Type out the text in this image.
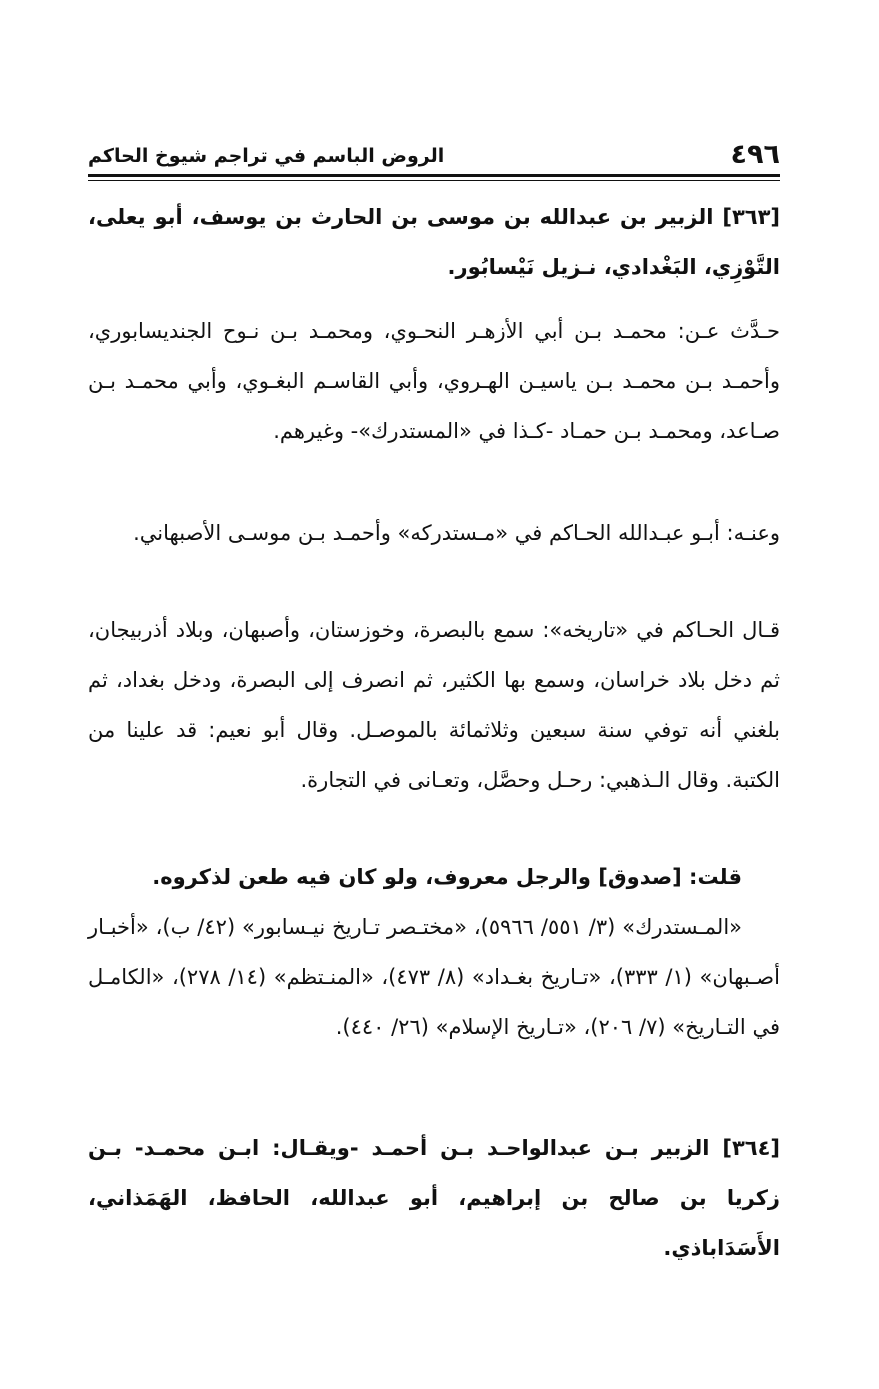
٤٩٦
الروض الباسم في تراجم شيوخ الحاكم
[٣٦٣] الزبير بن عبدالله بن موسى بن الحارث بن يوسف، أبو يعلى، التَّوْزِي، البَغْدادي، نـزيل نَيْسابُور.
حـدَّث عـن: محمـد بـن أبي الأزهـر النحـوي، ومحمـد بـن نـوح الجنديسابوري، وأحمـد بـن محمـد بـن ياسيـن الهـروي، وأبي القاسـم البغـوي، وأبي محمـد بـن صـاعد، ومحمـد بـن حمـاد -كـذا في «المستدرك»- وغيرهم.
وعنـه: أبـو عبـدالله الحـاكم في «مـستدركه» وأحمـد بـن موسـى الأصبهاني.
قـال الحـاكم في «تاريخه»: سمع بالبصرة، وخوزستان، وأصبهان، وبلاد أذربيجان، ثم دخل بلاد خراسان، وسمع بها الكثير، ثم انصرف إلى البصرة، ودخل بغداد، ثم بلغني أنه توفي سنة سبعين وثلاثمائة بالموصـل. وقال أبو نعيم: قد علينا من الكتبة. وقال الـذهبي: رحـل وحصَّل، وتعـانى في التجارة.
قلت: [صدوق] والرجل معروف، ولو كان فيه طعن لذكروه.
«المـستدرك» (٣/ ٥٥١/ ٥٩٦٦)، «مختـصر تـاريخ نيـسابور» (٤٢/ ب)، «أخبـار أصـبهان» (١/ ٣٣٣)، «تـاريخ بغـداد» (٨/ ٤٧٣)، «المنـتظم» (١٤/ ٢٧٨)، «الكامـل في التـاريخ» (٧/ ٢٠٦)، «تـاريخ الإسلام» (٢٦/ ٤٤٠).
[٣٦٤] الزبير بـن عبدالواحـد بـن أحمـد -ويقـال: ابـن محمـد- بـن زكريا بن صالح بن إبراهيم، أبو عبدالله، الحافظ، الهَمَذاني، الأَسَدَاباذي.
